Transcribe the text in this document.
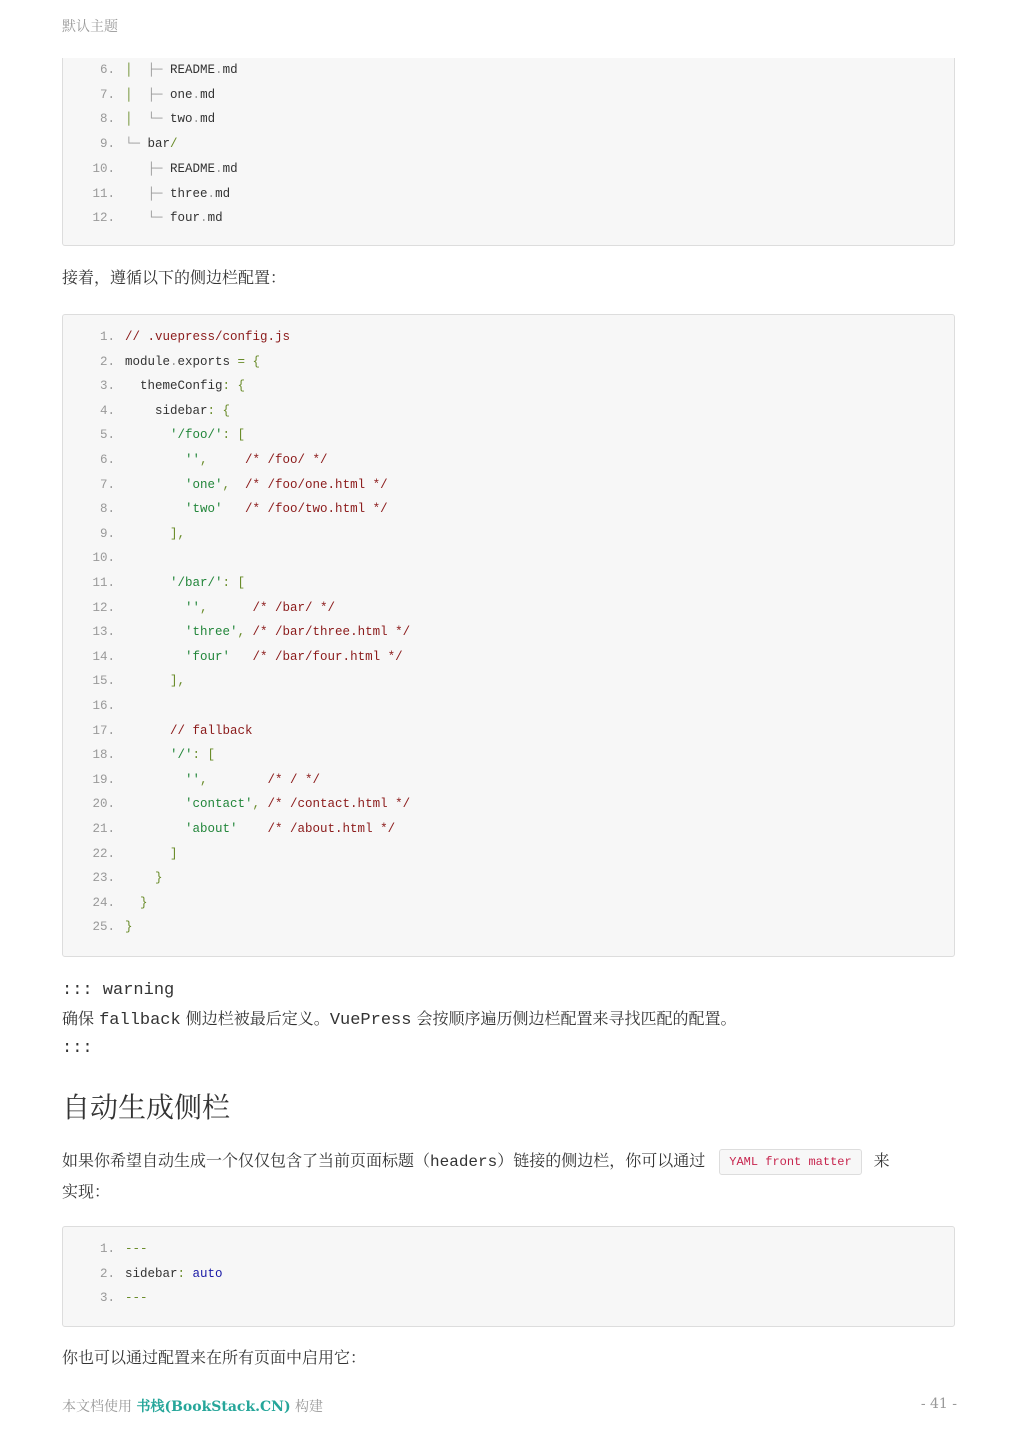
默认主题
6. │  ├─ README.md
7. │  ├─ one.md
8. │  └─ two.md
9. └─ bar/
10.	├─ README.md
11.	├─ three.md
12.	└─ four.md
接着，遵循以下的侧边栏配置：
1. // .vuepress/config.js
2. module.exports = {
3. themeConfig: {
4. sidebar: {
5. '/foo/': [
6. '',     /* /foo/ */
7. 'one',  /* /foo/one.html */
8. 'two' /* /foo/two.html */
9. ],
10.
11. '/bar/': [
12. '',      /* /bar/ */
13. 'three', /* /bar/three.html */
14. 'four' /* /bar/four.html */
15. ],
16.
17. // fallback
18. '/': [
19. '',        /* / */
20. 'contact', /* /contact.html */
21. 'about' /* /about.html */
22. ]
23. }
24. }
25. }
::: warning
确保 fallback 侧边栏被最后定义。VuePress 会按顺序遍历侧边栏配置来寻找匹配的配置。
:::
自动生成侧栏
如果你希望自动生成一个仅仅包含了当前页面标题（headers）链接的侧边栏，你可以通过 YAML front matter 来
实现：
1. ---
2. sidebar: auto
3. ---
你也可以通过配置来在所有页面中启用它：
本文档使用 书栈(BookStack.CN) 构建	- 41 -
